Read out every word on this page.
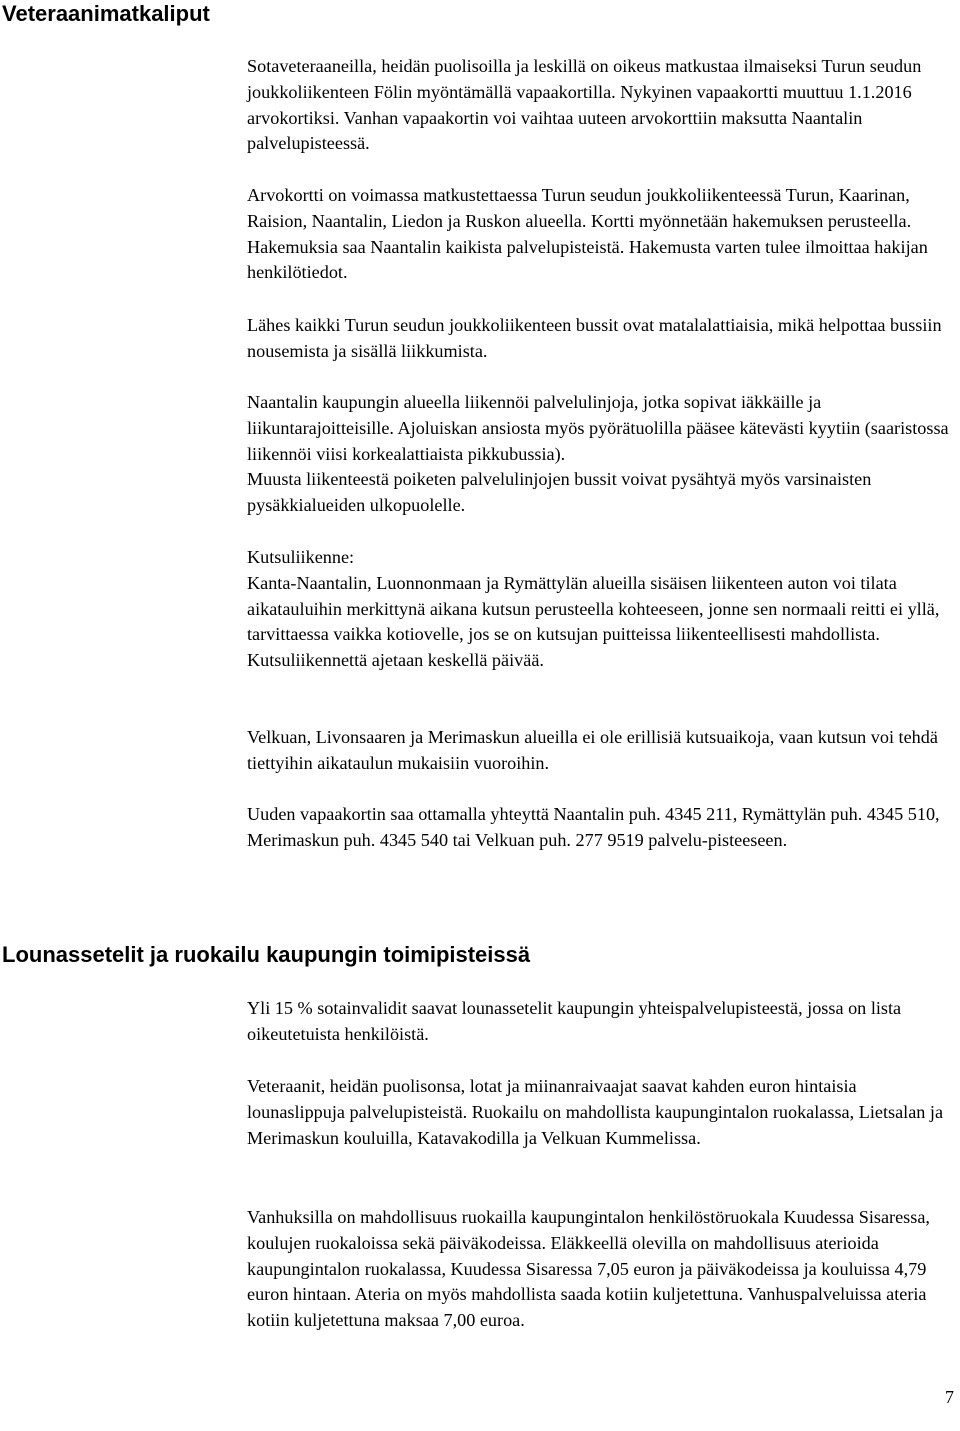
Veteraanimatkaliput

Sotaveteraaneilla, heidän puolisoilla ja leskillä on oikeus matkustaa ilmaiseksi Turun seudun joukkoliikenteen Fölin myöntämällä vapaakortilla. Nykyinen vapaakortti muuttuu 1.1.2016 arvokortiksi. Vanhan vapaakortin voi vaihtaa uuteen arvokorttiin maksutta Naantalin palvelupisteessä.

Arvokortti on voimassa matkustettaessa Turun seudun joukkoliikenteessä Turun, Kaarinan, Raision, Naantalin, Liedon ja Ruskon alueella. Kortti myönnetään hakemuksen perusteella. Hakemuksia saa Naantalin kaikista palvelupisteistä. Hakemusta varten tulee ilmoittaa hakijan henkilötiedot.

Lähes kaikki Turun seudun joukkoliikenteen bussit ovat matalalattiaisia, mikä helpottaa bussiin nousemista ja sisällä liikkumista.

Naantalin kaupungin alueella liikennöi palvelulinjoja, jotka sopivat iäkkäille ja liikuntarajoitteisille. Ajoluiskan ansiosta myös pyörätuolilla pääsee kätevästi kyytiin (saaristossa liikennöi viisi korkealattiaista pikkubussia).

Muusta liikenteestä poiketen palvelulinjojen bussit voivat pysähtyä myös varsinaisten pysäkkialueiden ulkopuolelle.

Kutsuliikenne:

Kanta-Naantalin, Luonnonmaan ja Rymättylän alueilla sisäisen liikenteen auton voi tilata aikatauluihin merkittynä aikana kutsun perusteella kohteeseen, jonne sen normaali reitti ei yllä, tarvittaessa vaikka kotiovelle, jos se on kutsujan puitteissa liikenteellisesti mahdollista. Kutsuliikennettä ajetaan keskellä päivää.

Velkuan, Livonsaaren ja Merimaskun alueilla ei ole erillisiä kutsuaikoja, vaan kutsun voi tehdä tiettyihin aikataulun mukaisiin vuoroihin.

Uuden vapaakortin saa ottamalla yhteyttä Naantalin puh. 4345 211, Rymättylän puh. 4345 510, Merimaskun puh. 4345 540 tai Velkuan puh. 277 9519 palvelu-pisteeseen.

Lounassetelit ja ruokailu kaupungin toimipisteissä

Yli 15 % sotainvalidit saavat lounassetelit kaupungin yhteispalvelupisteestä, jossa on lista oikeutetuista henkilöistä.

Veteraanit, heidän puolisonsa, lotat ja miinanraivaajat saavat kahden euron hintaisia lounaslippuja palvelupisteistä. Ruokailu on mahdollista kaupungintalon ruokalassa, Lietsalan ja Merimaskun kouluilla, Katavakodilla ja Velkuan Kummelissa.

Vanhuksilla on mahdollisuus ruokailla kaupungintalon henkilöstöruokala Kuudessa Sisaressa, koulujen ruokaloissa sekä päiväkodeissa. Eläkkeellä olevilla on mahdollisuus aterioida kaupungintalon ruokalassa, Kuudessa Sisaressa 7,05 euron ja päiväkodeissa ja kouluissa 4,79 euron hintaan. Ateria on myös mahdollista saada kotiin kuljetettuna. Vanhuspalveluissa ateria kotiin kuljetettuna maksaa 7,00 euroa.

7
